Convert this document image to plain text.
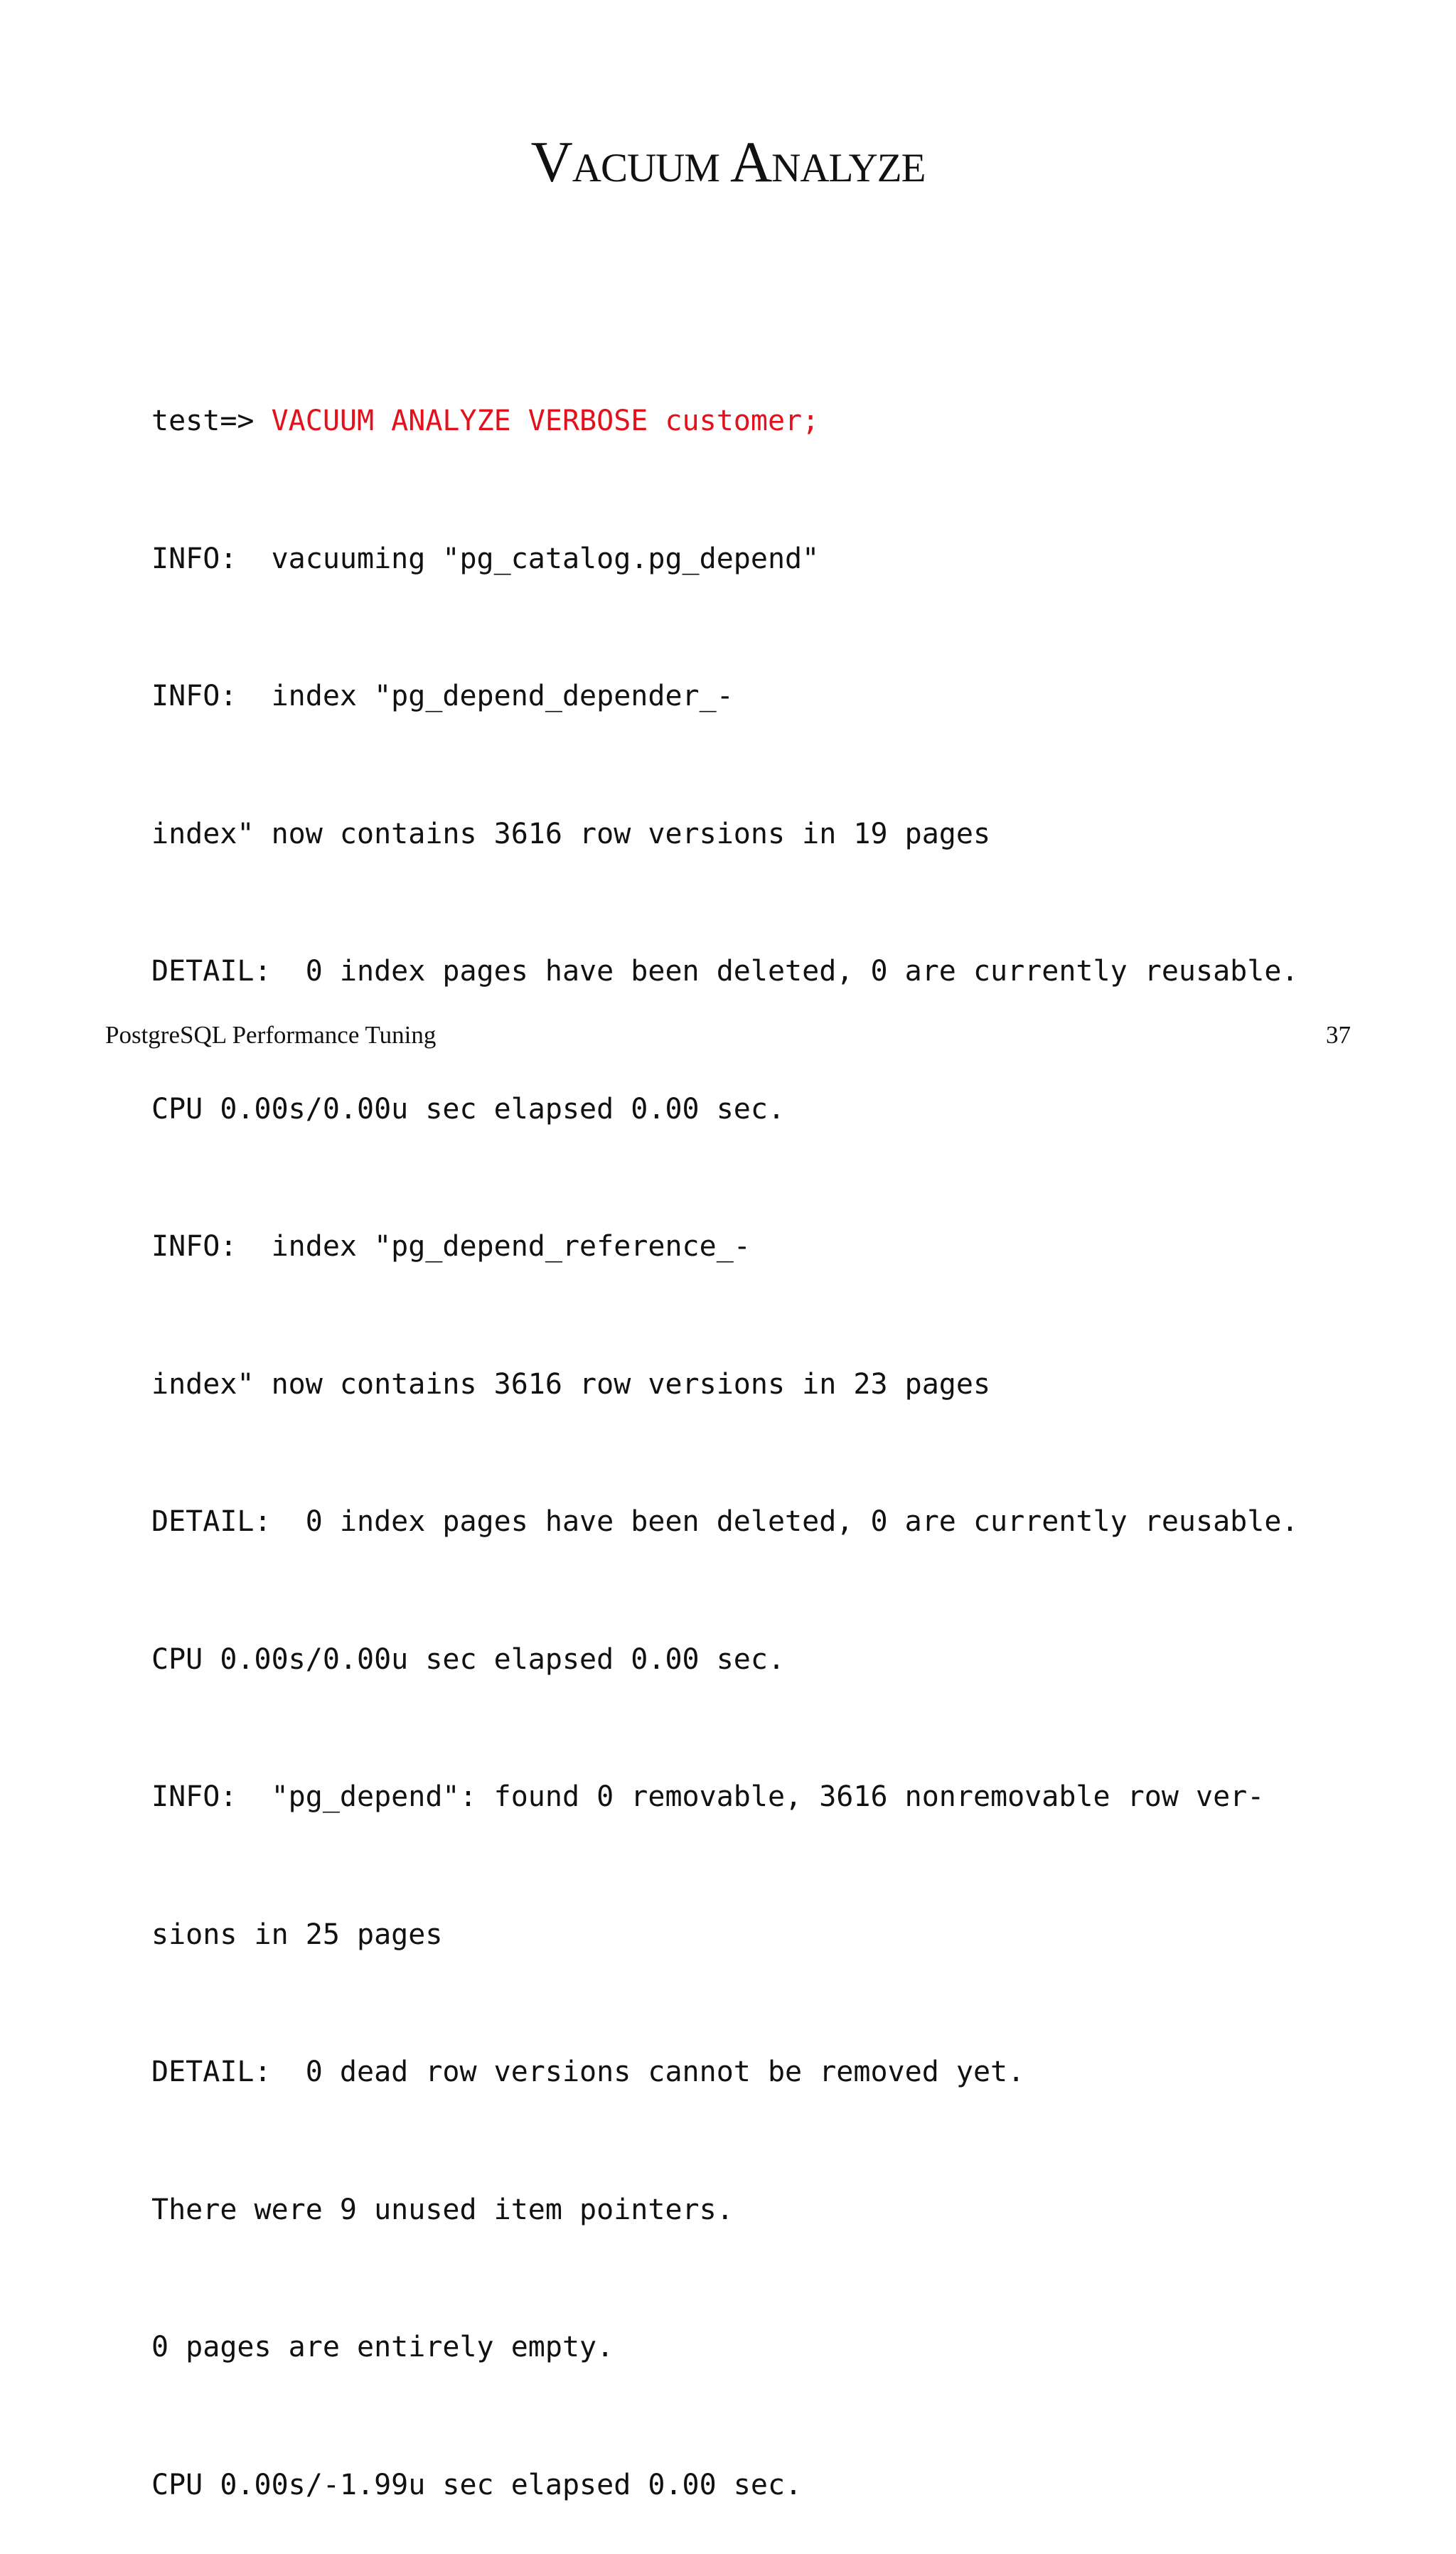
Vacuum Analyze

test=> VACUUM ANALYZE VERBOSE customer;

INFO:  vacuuming "pg_catalog.pg_depend"

INFO:  index "pg_depend_depender_-

index" now contains 3616 row versions in 19 pages

DETAIL:  0 index pages have been deleted, 0 are currently reusable.

CPU 0.00s/0.00u sec elapsed 0.00 sec.

INFO:  index "pg_depend_reference_-

index" now contains 3616 row versions in 23 pages

DETAIL:  0 index pages have been deleted, 0 are currently reusable.

CPU 0.00s/0.00u sec elapsed 0.00 sec.

INFO:  "pg_depend": found 0 removable, 3616 nonremovable row ver-

sions in 25 pages

DETAIL:  0 dead row versions cannot be removed yet.

There were 9 unused item pointers.

0 pages are entirely empty.

CPU 0.00s/-1.99u sec elapsed 0.00 sec.

PostgreSQL Performance Tuning	37
